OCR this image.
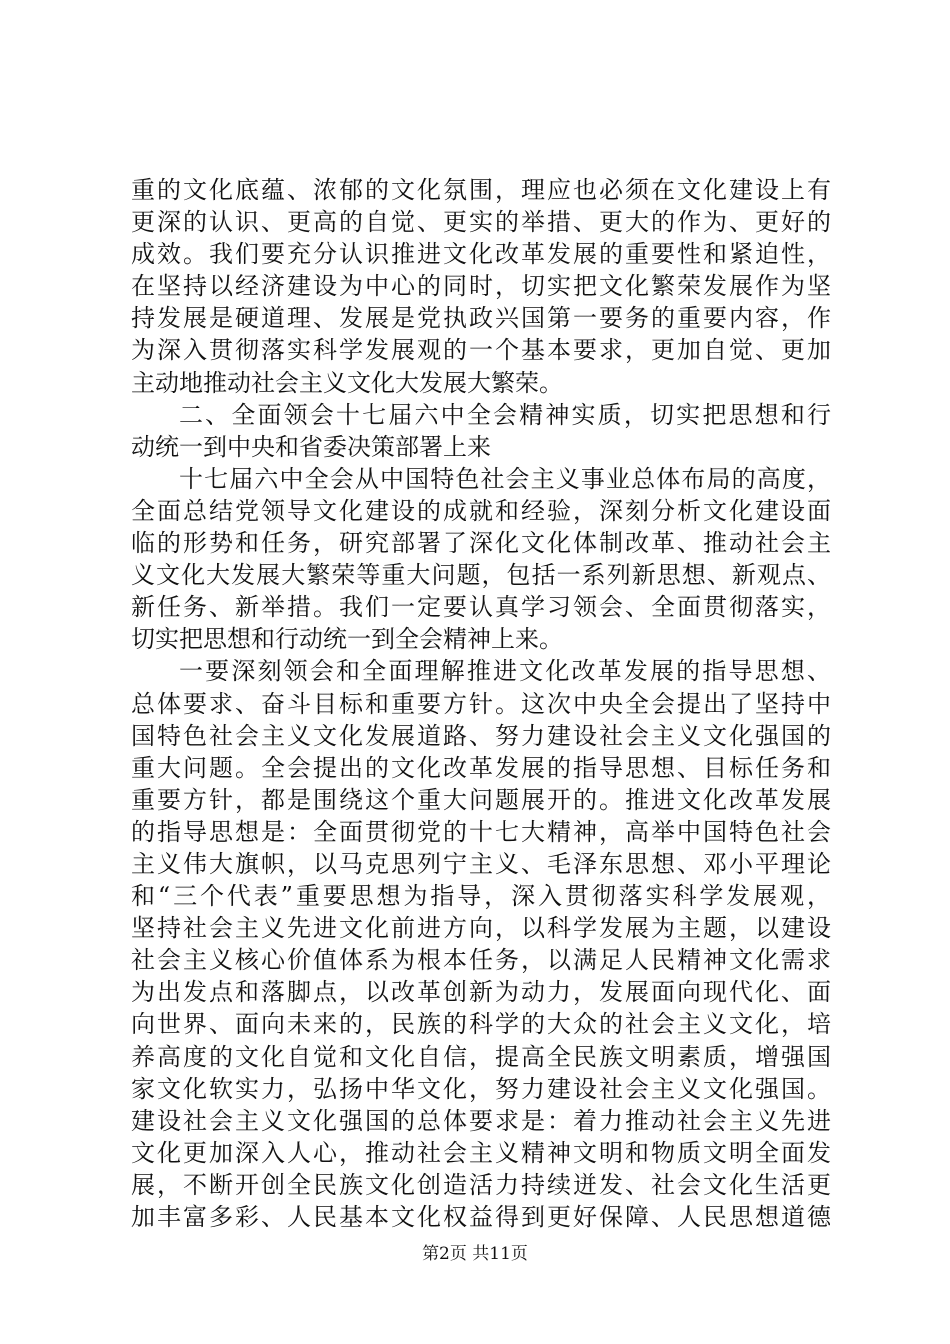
重的文化底蕴、浓郁的文化氛围，理应也必须在文化建设上有
更深的认识、更高的自觉、更实的举措、更大的作为、更好的
成效。我们要充分认识推进文化改革发展的重要性和紧迫性，
在坚持以经济建设为中心的同时，切实把文化繁荣发展作为坚
持发展是硬道理、发展是党执政兴国第一要务的重要内容，作
为深入贯彻落实科学发展观的一个基本要求，更加自觉、更加
主动地推动社会主义文化大发展大繁荣。
二、全面领会十七届六中全会精神实质，切实把思想和行
动统一到中央和省委决策部署上来
十七届六中全会从中国特色社会主义事业总体布局的高度，
全面总结党领导文化建设的成就和经验，深刻分析文化建设面
临的形势和任务，研究部署了深化文化体制改革、推动社会主
义文化大发展大繁荣等重大问题，包括一系列新思想、新观点、
新任务、新举措。我们一定要认真学习领会、全面贯彻落实，
切实把思想和行动统一到全会精神上来。
一要深刻领会和全面理解推进文化改革发展的指导思想、
总体要求、奋斗目标和重要方针。这次中央全会提出了坚持中
国特色社会主义文化发展道路、努力建设社会主义文化强国的
重大问题。全会提出的文化改革发展的指导思想、目标任务和
重要方针，都是围绕这个重大问题展开的。推进文化改革发展
的指导思想是：全面贯彻党的十七大精神，高举中国特色社会
主义伟大旗帜，以马克思列宁主义、毛泽东思想、邓小平理论
和“三个代表”重要思想为指导，深入贯彻落实科学发展观，
坚持社会主义先进文化前进方向，以科学发展为主题，以建设
社会主义核心价值体系为根本任务，以满足人民精神文化需求
为出发点和落脚点，以改革创新为动力，发展面向现代化、面
向世界、面向未来的，民族的科学的大众的社会主义文化，培
养高度的文化自觉和文化自信，提高全民族文明素质，增强国
家文化软实力，弘扬中华文化，努力建设社会主义文化强国。
建设社会主义文化强国的总体要求是：着力推动社会主义先进
文化更加深入人心，推动社会主义精神文明和物质文明全面发
展，不断开创全民族文化创造活力持续迸发、社会文化生活更
加丰富多彩、人民基本文化权益得到更好保障、人民思想道德
第2页 共11页
